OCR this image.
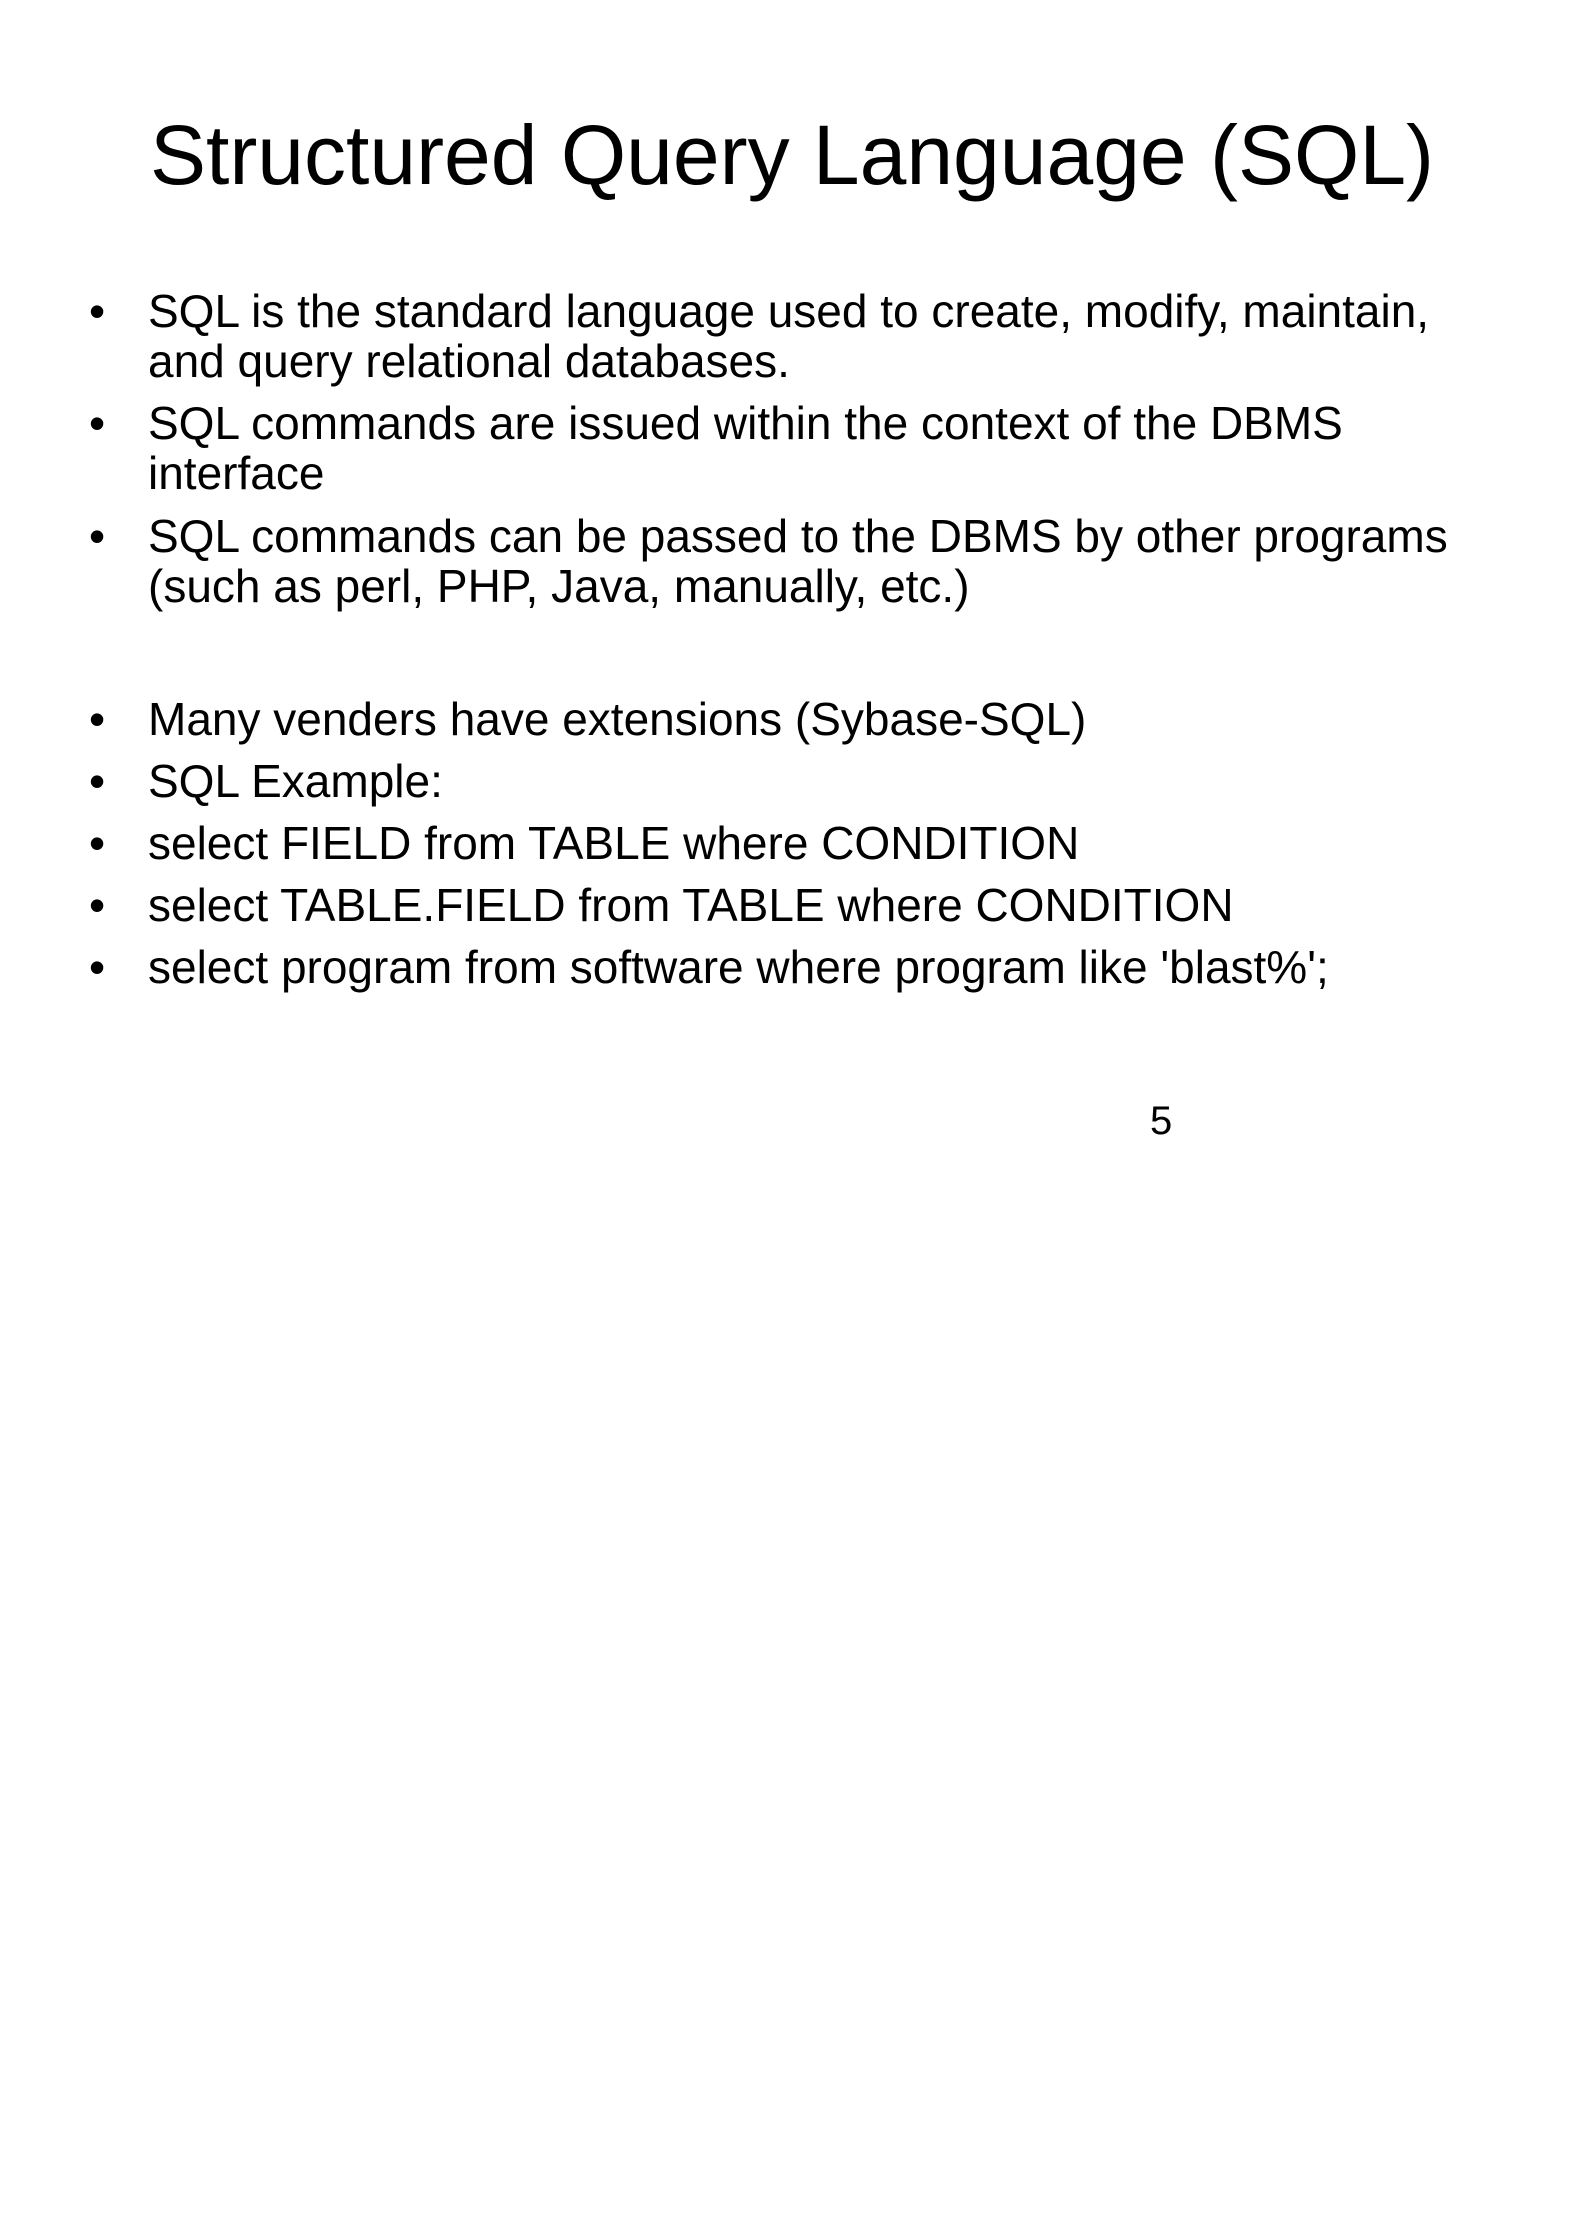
Structured Query Language (SQL)
• SQL is the standard language used to create, modify, maintain,
and query relational databases.
• SQL commands are issued within the context of the DBMS
interface
• SQL commands can be passed to the DBMS by other programs
(such as perl, PHP, Java, manually, etc.)
• Many venders have extensions (Sybase-SQL)
• SQL Example:
• select FIELD from TABLE where CONDITION
• select TABLE.FIELD from TABLE where CONDITION
• select program from software where program like 'blast%';
5
